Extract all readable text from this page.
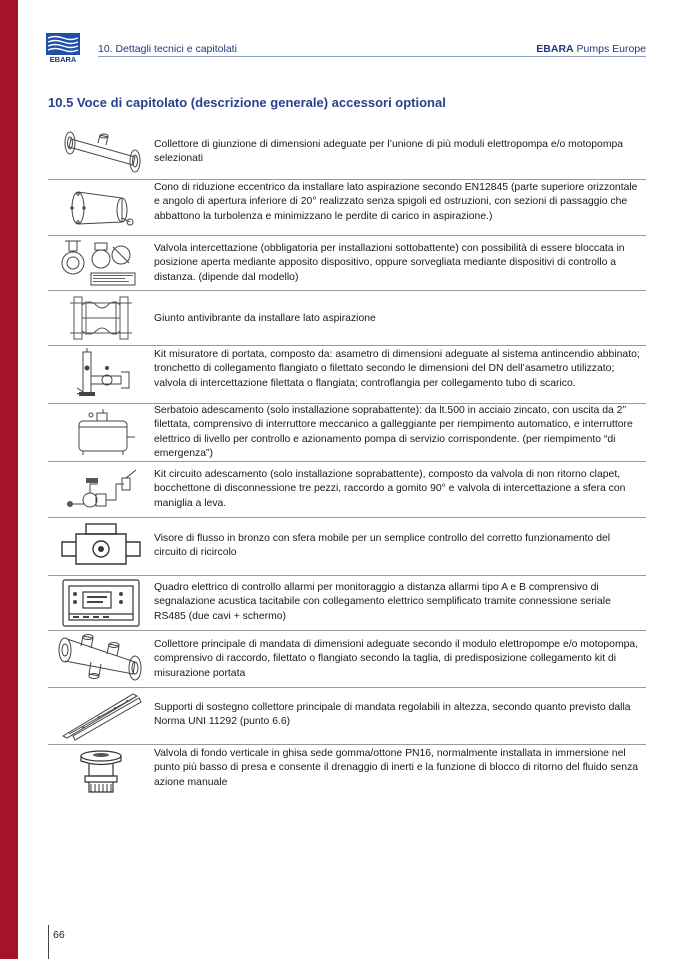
EBARA
10. Dettagli tecnici e capitolati	EBARA Pumps Europe
10.5 Voce di capitolato (descrizione generale) accessori optional
Collettore di giunzione di dimensioni adeguate per l’unione di più moduli elettropompa e/o motopompa selezionati
Cono di riduzione eccentrico da installare lato aspirazione secondo EN12845 (parte superiore orizzontale e angolo di apertura inferiore di 20° realizzato senza spigoli ed ostruzioni, con sezioni di passaggio che abbattono la turbolenza e minimizzano le perdite di carico in aspirazione.)
Valvola intercettazione (obbligatoria per installazioni sottobattente) con possibilità di essere bloccata in posizione aperta mediante apposito dispositivo, oppure sorvegliata mediante dispositivi di controllo a distanza. (dipende dal modello)
Giunto antivibrante da installare lato aspirazione
Kit misuratore di portata, composto da: asametro di dimensioni adeguate al sistema antincendio abbinato; tronchetto di collegamento flangiato o filettato secondo le dimensioni del DN dell’asametro utilizzato; valvola di intercettazione filettata o flangiata; controflangia per collegamento tubo di scarico.
Serbatoio adescamento (solo installazione soprabattente): da lt.500 in acciaio zincato, con uscita da 2” filettata, comprensivo di interruttore meccanico a galleggiante per riempimento automatico, e interruttore elettrico di livello per controllo e azionamento pompa di servizio corrispondente. (per riempimento “di emergenza”)
Kit circuito adescamento (solo installazione soprabattente), composto da valvola di non ritorno clapet, bocchettone di disconnessione tre pezzi, raccordo a gomito 90° e valvola di intercettazione a sfera con maniglia a leva.
Visore di flusso in bronzo con sfera mobile per un semplice controllo del corretto funzionamento del circuito di ricircolo
Quadro elettrico di controllo allarmi per monitoraggio a distanza allarmi tipo A e B comprensivo di segnalazione acustica tacitabile con collegamento elettrico semplificato tramite connessione seriale RS485 (due cavi + schermo)
Collettore principale di mandata di dimensioni adeguate secondo il modulo elettropompe e/o motopompa, comprensivo di raccordo, filettato o flangiato secondo la taglia, di predisposizione collegamento kit di misurazione portata
Supporti di sostegno collettore principale di mandata regolabili in altezza, secondo quanto previsto dalla Norma UNI 11292 (punto 6.6)
Valvola di fondo verticale in ghisa sede gomma/ottone PN16, normalmente installata in immersione nel punto più basso di presa e consente il drenaggio di inerti e la funzione di blocco di ritorno del fluido senza azione manuale
66
